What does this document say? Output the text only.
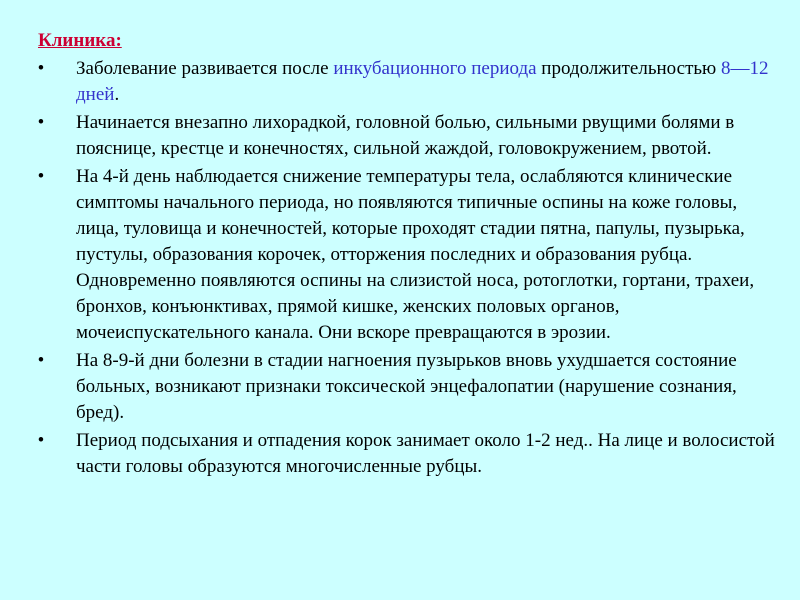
Клиника:
• Заболевание развивается после инкубационного периода продолжительностью 8—12 дней.
• Начинается внезапно лихорадкой, головной болью, сильными рвущими болями в пояснице, крестце и конечностях, сильной жаждой, головокружением, рвотой.
• На 4-й день наблюдается снижение температуры тела, ослабляются клинические симптомы начального периода, но появляются типичные оспины на коже головы, лица, туловища и конечностей, которые проходят стадии пятна, папулы, пузырька, пустулы, образования корочек, отторжения последних и образования рубца. Одновременно появляются оспины на слизистой носа, ротоглотки, гортани, трахеи, бронхов, конъюнктивах, прямой кишке, женских половых органов, мочеиспускательного канала. Они вскоре превращаются в эрозии.
• На 8-9-й дни болезни в стадии нагноения пузырьков вновь ухудшается состояние больных, возникают признаки токсической энцефалопатии (нарушение сознания, бред).
• Период подсыхания и отпадения корок занимает около 1-2 нед.. На лице и волосистой части головы образуются многочисленные рубцы.
